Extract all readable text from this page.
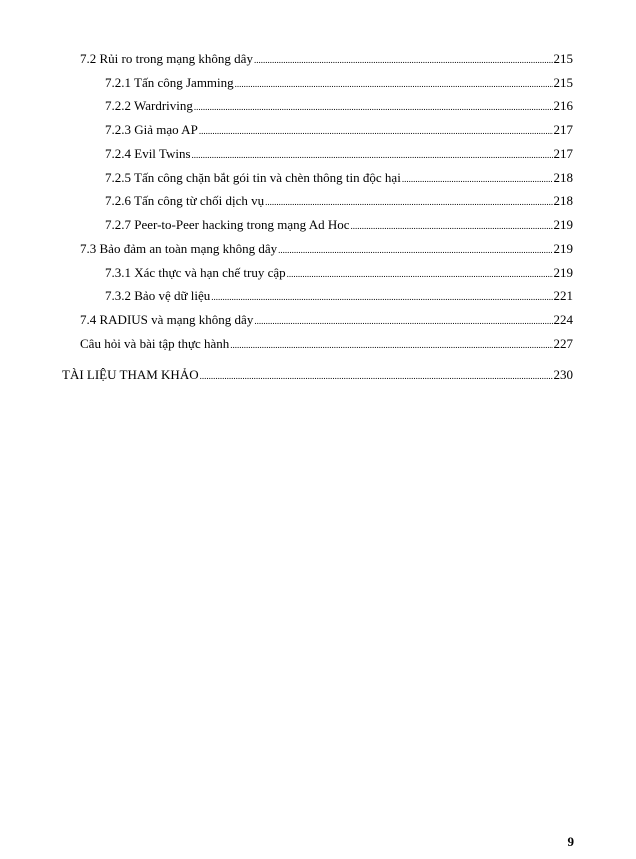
7.2 Rủi ro trong mạng không dây .....	215
7.2.1 Tấn công Jamming .....	215
7.2.2 Wardriving .....	216
7.2.3 Giả mạo AP .....	217
7.2.4 Evil Twins .....	217
7.2.5 Tấn công chặn bắt gói tin và chèn thông tin độc hại .....	218
7.2.6 Tấn công từ chối dịch vụ .....	218
7.2.7 Peer-to-Peer hacking trong mạng Ad Hoc .....	219
7.3 Bảo đảm an toàn mạng không dây .....	219
7.3.1 Xác thực và hạn chế truy cập .....	219
7.3.2 Bảo vệ dữ liệu .....	221
7.4 RADIUS và mạng không dây .....	224
Câu hỏi và bài tập thực hành .....	227
TÀI LIỆU THAM KHẢO .....	230
9
